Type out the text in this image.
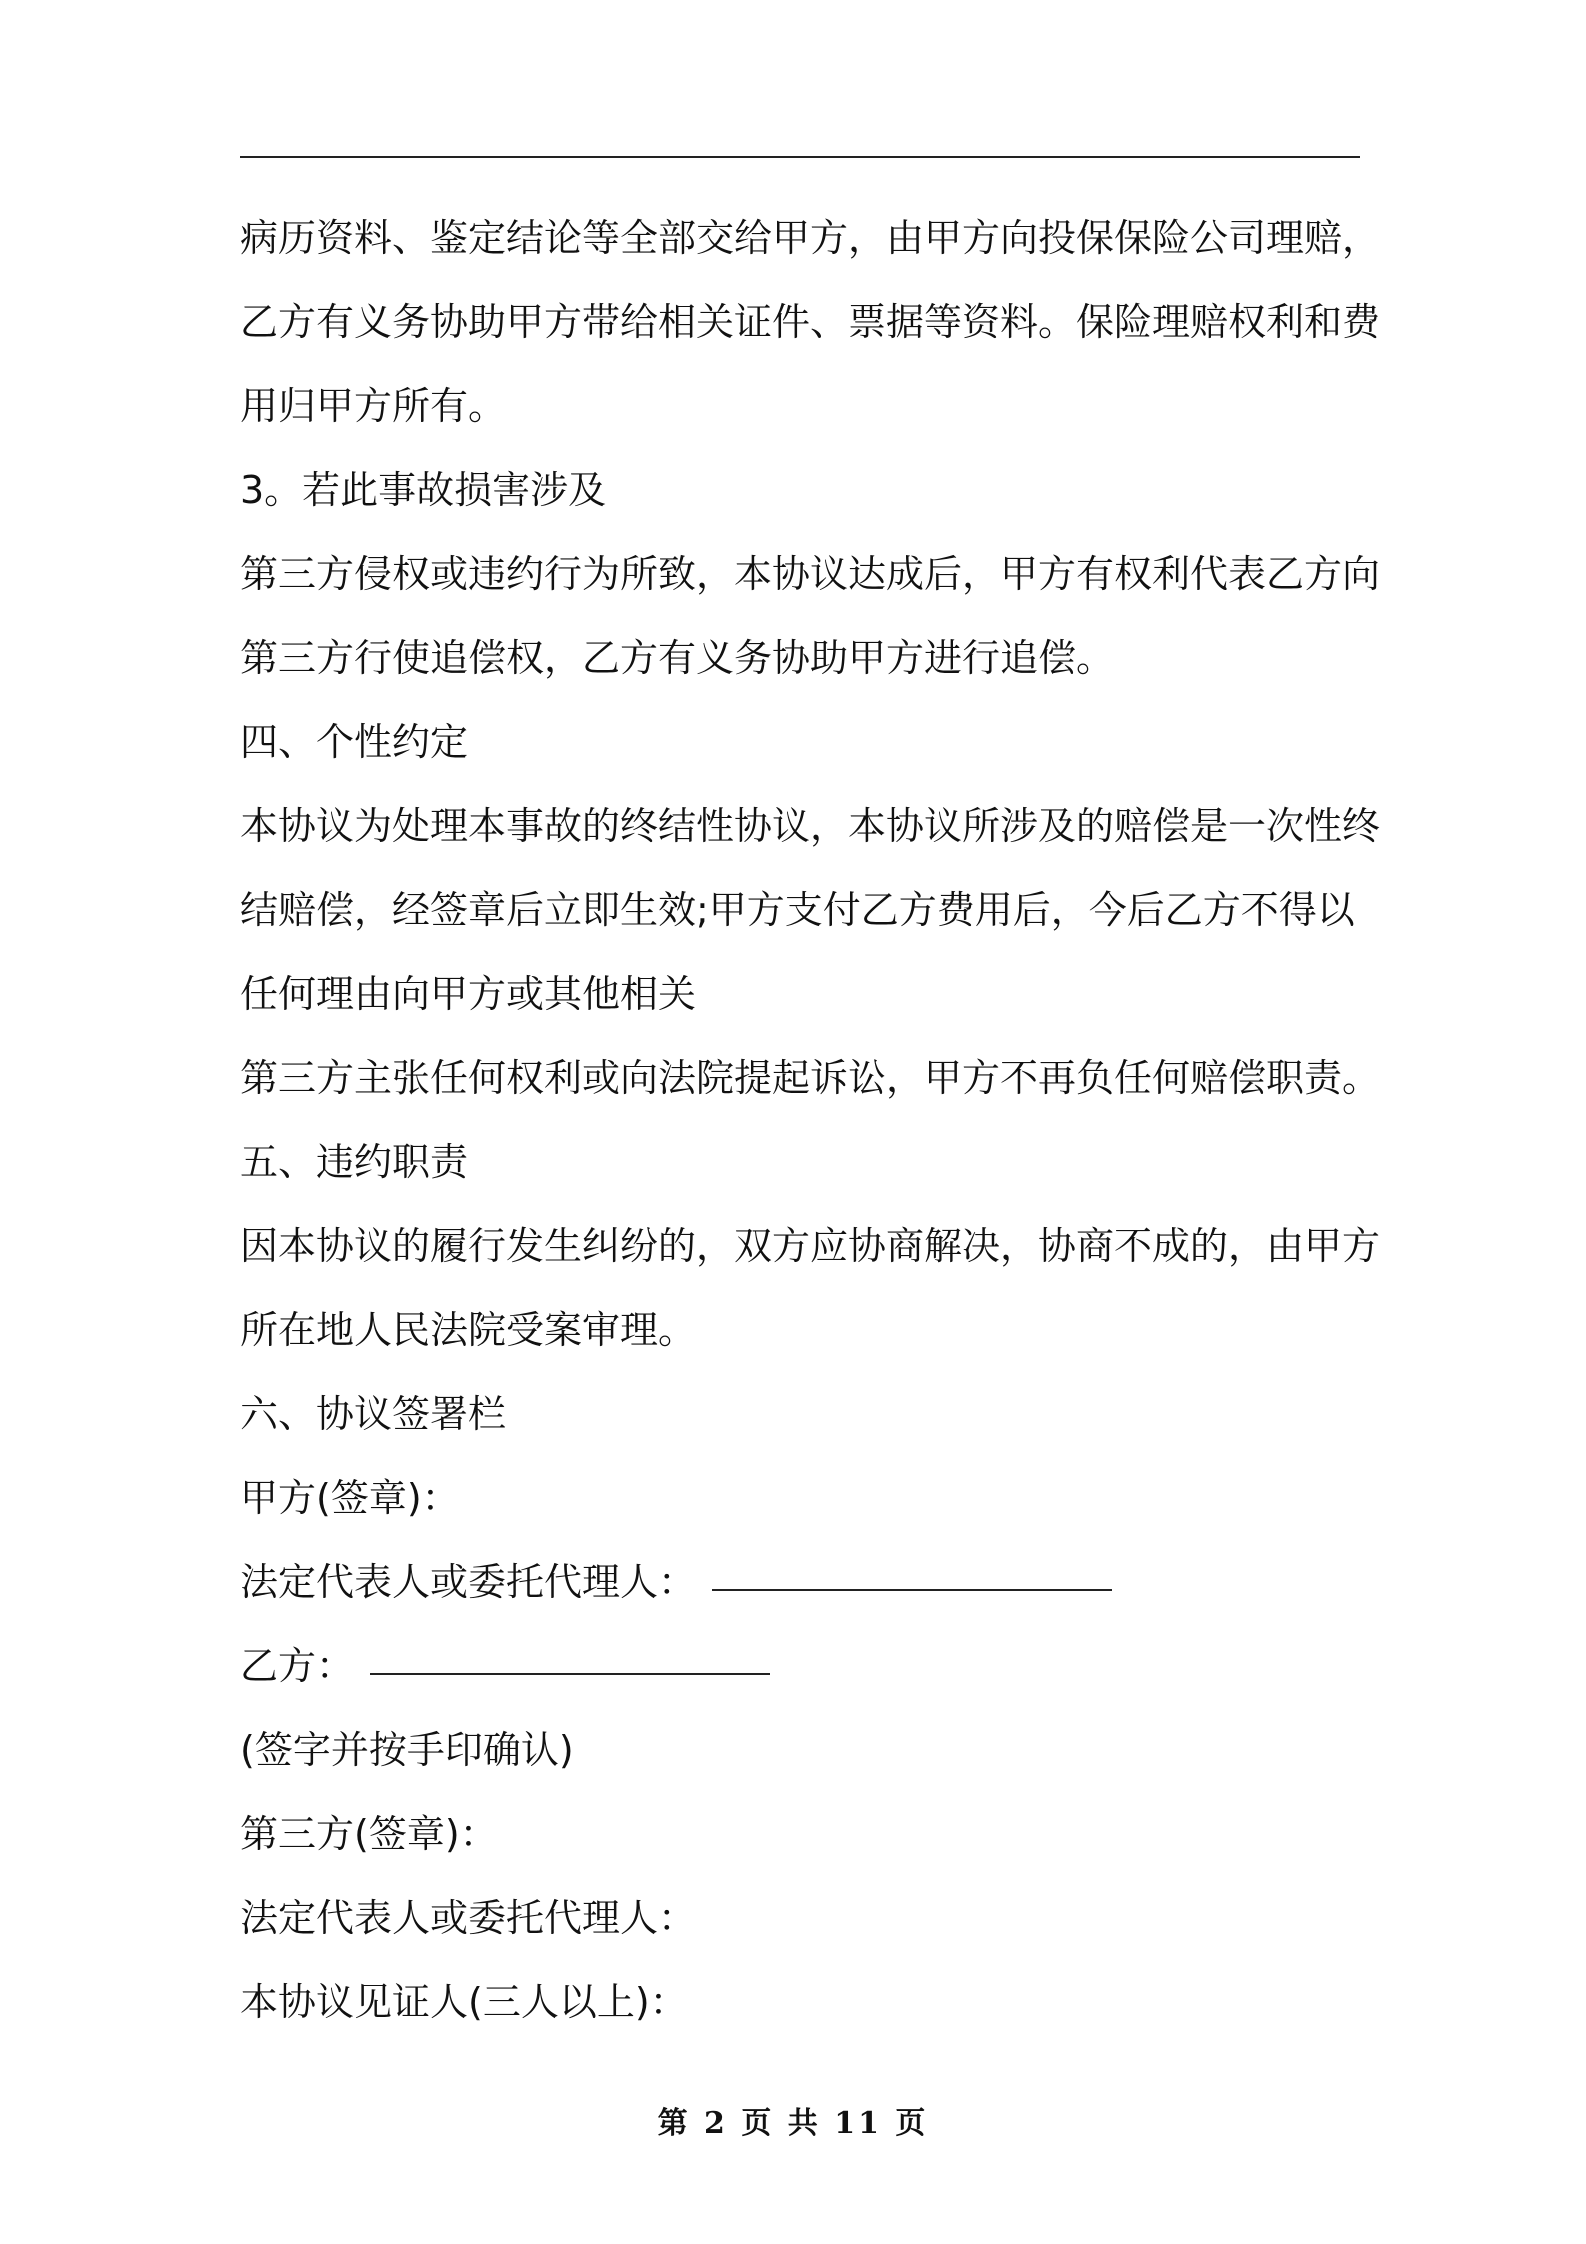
病历资料、鉴定结论等全部交给甲方，由甲方向投保保险公司理赔，
乙方有义务协助甲方带给相关证件、票据等资料。保险理赔权利和费
用归甲方所有。
3。若此事故损害涉及
第三方侵权或违约行为所致，本协议达成后，甲方有权利代表乙方向
第三方行使追偿权，乙方有义务协助甲方进行追偿。
四、个性约定
本协议为处理本事故的终结性协议，本协议所涉及的赔偿是一次性终
结赔偿，经签章后立即生效;甲方支付乙方费用后，今后乙方不得以
任何理由向甲方或其他相关
第三方主张任何权利或向法院提起诉讼，甲方不再负任何赔偿职责。
五、违约职责
因本协议的履行发生纠纷的，双方应协商解决，协商不成的，由甲方
所在地人民法院受案审理。
六、协议签署栏
甲方(签章)：
法定代表人或委托代理人：
乙方：
(签字并按手印确认)
第三方(签章)：
法定代表人或委托代理人：
本协议见证人(三人以上)：
第 2 页 共 11 页
